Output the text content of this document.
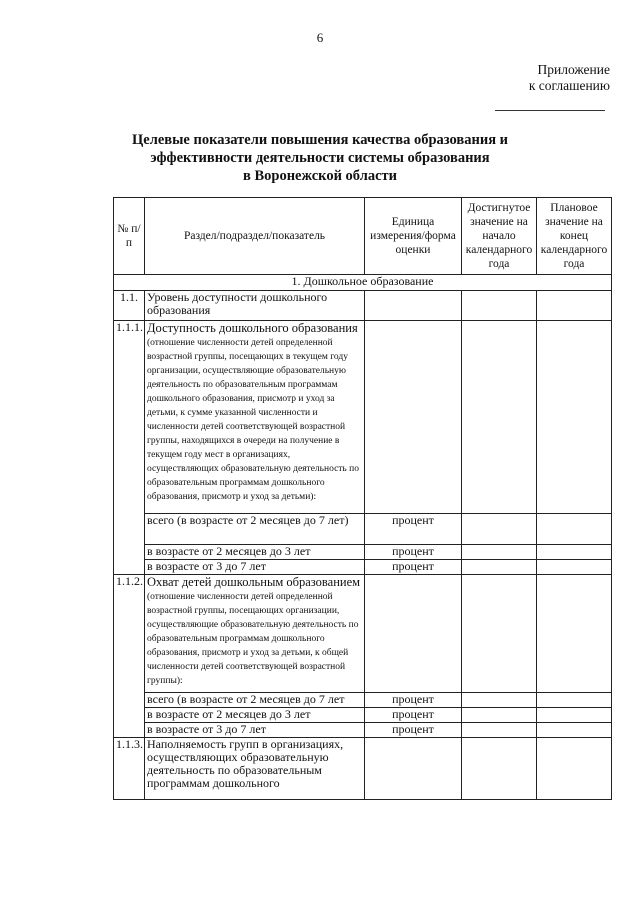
6
Приложение
к соглашению
Целевые показатели повышения качества образования и
эффективности деятельности системы образования
в Воронежской области
№ п/п	Раздел/подраздел/показатель	Единица измерения/форма оценки	Достигнутое значение на начало календарного года	Плановое значение на конец календарного года
1. Дошкольное образование				
1.1.	Уровень доступности дошкольного образования			
1.1.1.	Доступность дошкольного образования (отношение численности детей определенной возрастной группы, посещающих в текущем году организации, осуществляющие образовательную деятельность по образовательным программам дошкольного образования, присмотр и уход за детьми, к сумме указанной численности и численности детей соответствующей возрастной группы, находящихся в очереди на получение в текущем году мест в организациях, осуществляющих образовательную деятельность по образовательным программам дошкольного образования, присмотр и уход за детьми):			
	всего (в возрасте от 2 месяцев до 7 лет)	процент		
	в возрасте от 2 месяцев до 3 лет	процент		
	в возрасте от 3 до 7 лет	процент		
1.1.2.	Охват детей дошкольным образованием (отношение численности детей определенной возрастной группы, посещающих организации, осуществляющие образовательную деятельность по образовательным программам дошкольного образования, присмотр и уход за детьми, к общей численности детей соответствующей возрастной группы):			
	всего (в возрасте от 2 месяцев до 7 лет	процент		
	в возрасте от 2 месяцев до 3 лет	процент		
	в возрасте от 3 до 7 лет	процент		
1.1.3.	Наполняемость групп в организациях, осуществляющих образовательную деятельность по образовательным программам дошкольного			
